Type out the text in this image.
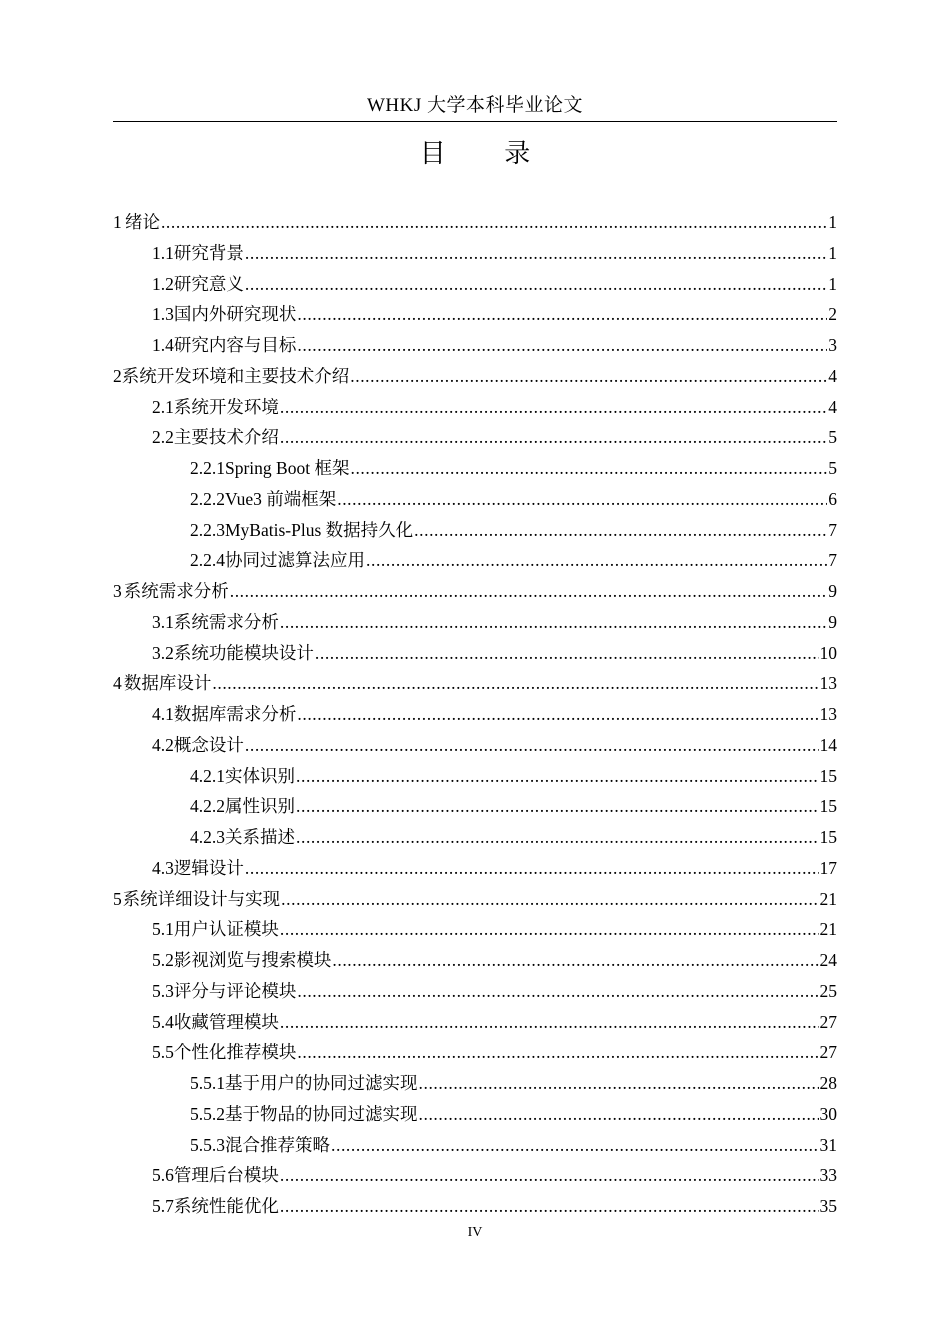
WHKJ 大学本科毕业论文
目 录
1 绪论 .....	1
1.1 研究背景 .....	1
1.2 研究意义 .....	1
1.3 国内外研究现状 .....	2
1.4 研究内容与目标 .....	3
2 系统开发环境和主要技术介绍 .....	4
2.1 系统开发环境 .....	4
2.2 主要技术介绍 .....	5
2.2.1 Spring Boot 框架 .....	5
2.2.2 Vue3 前端框架 .....	6
2.2.3 MyBatis-Plus 数据持久化 .....	7
2.2.4 协同过滤算法应用 .....	7
3 系统需求分析 .....	9
3.1 系统需求分析 .....	9
3.2 系统功能模块设计 .....	10
4 数据库设计 .....	13
4.1 数据库需求分析 .....	13
4.2 概念设计 .....	14
4.2.1 实体识别 .....	15
4.2.2 属性识别 .....	15
4.2.3 关系描述 .....	15
4.3 逻辑设计 .....	17
5 系统详细设计与实现 .....	21
5.1 用户认证模块 .....	21
5.2 影视浏览与搜索模块 .....	24
5.3 评分与评论模块 .....	25
5.4 收藏管理模块 .....	27
5.5 个性化推荐模块 .....	27
5.5.1 基于用户的协同过滤实现 .....	28
5.5.2 基于物品的协同过滤实现 .....	30
5.5.3 混合推荐策略 .....	31
5.6 管理后台模块 .....	33
5.7 系统性能优化 .....	35
IV
